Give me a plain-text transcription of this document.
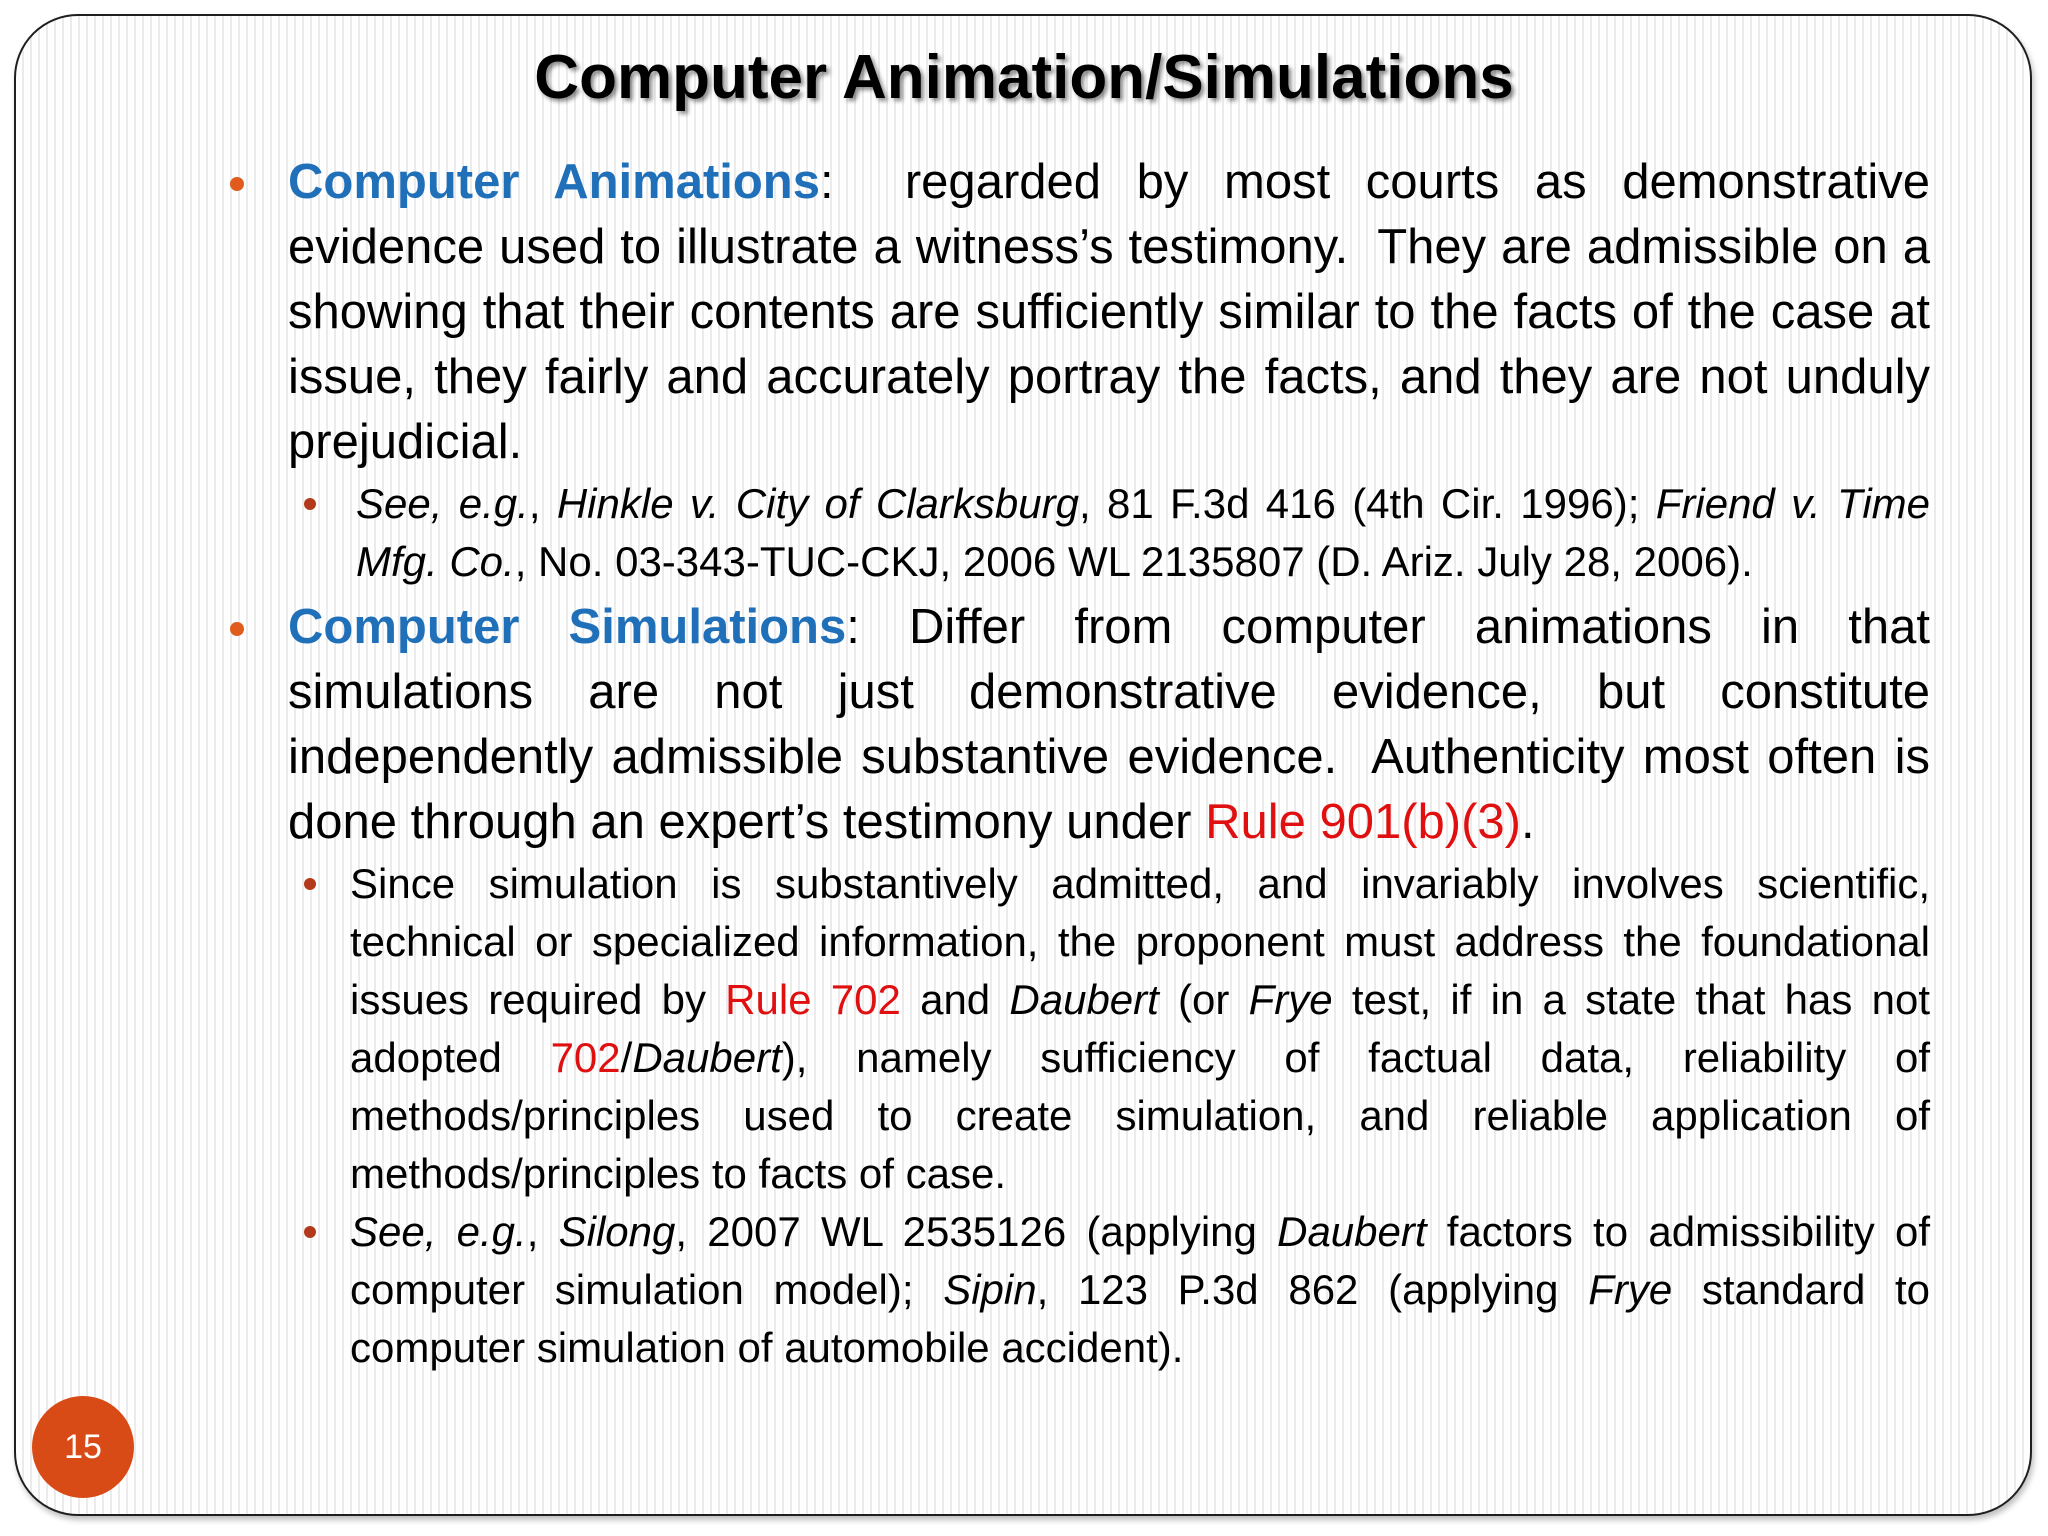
Computer Animation/Simulations

Computer Animations:  regarded by most courts as demonstrative evidence used to illustrate a witness’s testimony.  They are admissible on a showing that their contents are sufficiently similar to the facts of the case at issue, they fairly and accurately portray the facts, and they are not unduly prejudicial.

See, e.g., Hinkle v. City of Clarksburg, 81 F.3d 416 (4th Cir. 1996); Friend v. Time Mfg. Co., No. 03-343-TUC-CKJ, 2006 WL 2135807 (D. Ariz. July 28, 2006).

Computer Simulations: Differ from computer animations in that simulations are not just demonstrative evidence, but constitute independently admissible substantive evidence.  Authenticity most often is done through an expert’s testimony under Rule 901(b)(3).

Since simulation is substantively admitted, and invariably involves scientific, technical or specialized information, the proponent must address the foundational issues required by Rule 702 and Daubert (or Frye test, if in a state that has not adopted 702/Daubert), namely sufficiency of factual data, reliability of methods/principles used to create simulation, and reliable application of methods/principles to facts of case.

See, e.g., Silong, 2007 WL 2535126 (applying Daubert factors to admissibility of computer simulation model); Sipin, 123 P.3d 862 (applying Frye standard to computer simulation of automobile accident).

15
